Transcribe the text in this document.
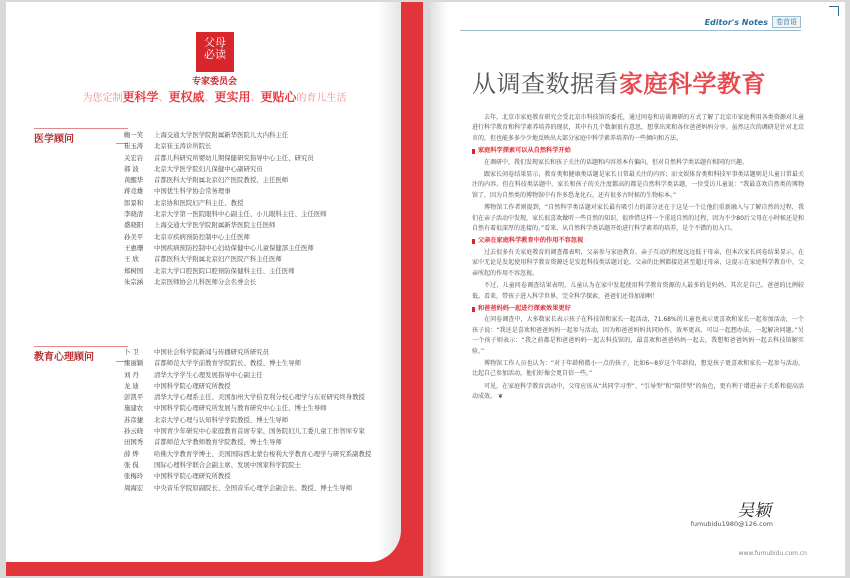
父母
必读
专家委员会
为您定制更科学、更权威、更实用、更贴心的育儿生活
医学顾问	鲍一笑	上海交通大学医学院附属新华医院儿大内科主任
崔玉涛	北京崔玉涛诊所院长
关宏岩	首都儿科研究所婴幼儿期保健研究指导中心主任、研究员
郝 波	北京大学医学院妇儿保健中心副研究员
黄醒华	首都医科大学附属北京妇产医院教授、主任医师
蒋竞雄	中国优生科学协会常务理事
郎景和	北京协和医院妇产科主任、教授
李晓清	北京大学第一医院眼科中心副主任、小儿眼科主任、主任医师
盛晓阳	上海交通大学医学院附属新华医院主任医师
孙美平	北京市疾病预防控制中心主任医师
王惠珊	中国疾病预防控制中心妇幼保健中心儿童保健部主任医师
王 欣	首都医科大学附属北京妇产医院产科主任医师
郑树国	北京大学口腔医院口腔预防保健科主任、主任医师
朱宗涵	北京医师协会儿科医师分会名誉会长
教育心理顾问	卜 卫	中国社会科学院新闻与传播研究所研究员
康丽颖	首都师范大学学前教育学院院长、教授、博士生导师
刘 丹	清华大学学生心理发展指导中心副主任
龙 迪	中国科学院心理研究所教授
彭凯平	清华大学心理系主任、美国加州大学伯克利分校心理学与东亚研究终身教授
施建农	中国科学院心理研究所发展与教育研究中心主任、博士生导师
苏彦捷	北京大学心理与认知科学学院教授、博士生导师
孙云晓	中国青少年研究中心家庭教育首席专家、国务院妇儿工委儿童工作智库专家
田国秀	首都师范大学教师教育学院教授、博士生导师
薛 烨	哈佛大学教育学博士、美国国际西北蒙台梭利大学教育心理学与研究系副教授
张 侃	国际心理科学联合会副主席、发展中国家科学院院士
张梅玲	中国科学院心理研究所教授
周海宏	中央音乐学院原副院长、全国音乐心理学会副会长、教授、博士生导师
Editor's Notes	卷首语
从调查数据看家庭科学教育

去年，北京市家庭教育研究会受北京市科技馆的委托，通过问卷和访谈调研的方式了解了北京市家庭利用各类资源对儿童进行科学教育和科学素养培养的现状，其中有几个数据很有意思，想拿出来和各位爸爸妈妈分享。虽然这次的调研是针对北京市的，但也能多多少少地反映出大部分家庭中科学素养培养的一些倾向和方法。

家庭科学探索可以从自然科学开始

在调研中，我们发现家长和孩子关注的话题和内容基本有偏向，但对自然科学类话题有相同的兴趣。

跟家长问卷结果显示，教育类和健康类话题是家长日常最关注的内容；而文娱体育类和科技军事类话题则是儿童日常最关注的内容。但在科技类话题中，家长和孩子的关注度都高的都是自然科学类话题，一位受访儿童说：“我最喜欢自然类的博物馆了，因为自然类的博物馆中有许多恐龙化石，还有很多古时候的生物标本。”

博物馆工作者则提到，“自然科学类话题对家长最有吸引力的部分还在于这是一个让他们重新融入与了解自然的过程，我们在亲子活动中发现，家长很喜欢做听一些自然的知识，很珍惜这样一个重返自然的过程，因为不少80后父母在小时候还是和自然有着很深厚的连接的。”看来，从自然科学类话题开始进行科学素养的培养，是个不错的切入口。

父亲在家庭科学教育中的作用不容忽视

过去很多有关家庭教育的调查都表明，父亲参与家庭教育、亲子互动的程度远远低于母亲，但本次家长问卷结果显示，在家中无论是发起使用科学教育资源还是发起科技类话题讨论，父亲的比例都接近甚至超过母亲，这提示在家庭科学教育中，父亲所起的作用不容忽视。

不过，儿童问卷调查结果表明，儿童认为在家中发起使用科学教育资源的人最多的是妈妈，其次是自己，爸爸的比例较低。看来，带孩子进入科学世界，完全科学探索，爸爸们还得加油啊！

和爸爸妈妈一起进行探索效果更好

在问卷调查中，大多数家长表示孩子在科技馆和家长一起活动，71.68%的儿童也表示更喜欢和家长一起参加活动，一个孩子说：“我还是喜欢和爸爸妈妈一起参与活动，因为和爸爸妈妈共同协作，效率更高，可以一起想办法，一起解决问题。”另一个孩子则表示：“我之前都是和爸爸妈妈一起去科技馆的，最喜欢和爸爸妈妈一起去，我想和爸爸妈妈一起去科技馆解实验。”

博物馆工作人员也认为：“对于年龄稍微小一点的孩子，比如6~8岁这个年龄段，想觉孩子更喜欢和家长一起参与活动，比起自己参加活动，他们好像会更自信一些。”

可见，在家庭科学教育活动中，父母应该从“共同学习型”、“引导型”和“陪伴型”的角色，更有利于增进亲子关系和提高活动成效。 ❦

吴颖
fumubidu1980@126.com
www.fumubidu.com.cn
